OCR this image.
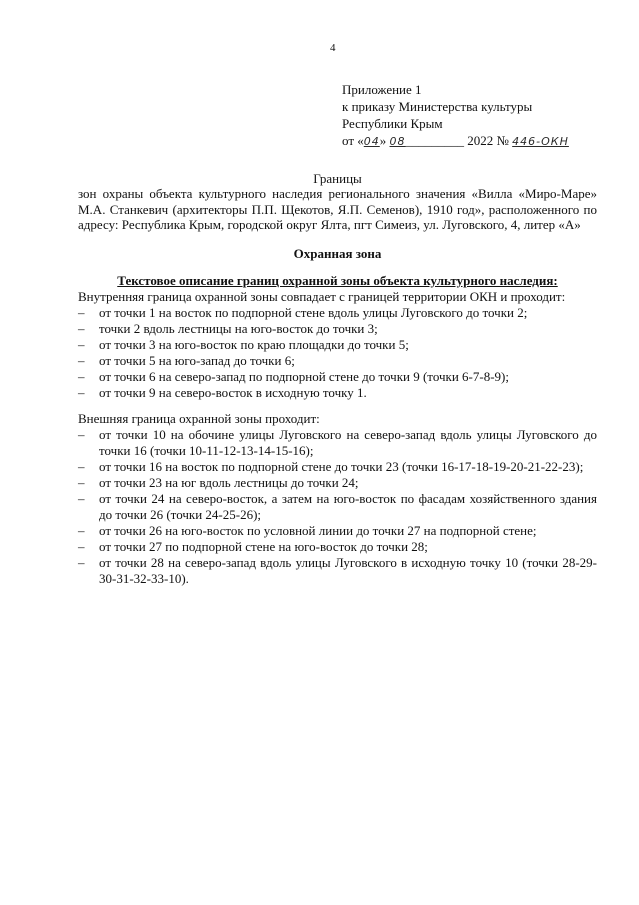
4
Приложение 1
к приказу Министерства культуры
Республики Крым
от «04» 08_________ 2022 № 446-ОКН
Границы
зон охраны объекта культурного наследия регионального значения «Вилла «Миро-Маре» М.А. Станкевич (архитекторы П.П. Щекотов, Я.П. Семенов), 1910 год», расположенного по адресу: Республика Крым, городской округ Ялта, пгт Симеиз, ул. Луговского, 4, литер «А»
Охранная зона
Текстовое описание границ охранной зоны объекта культурного наследия:

Внутренняя граница охранной зоны совпадает с границей территории ОКН и проходит:

– от точки 1 на восток по подпорной стене вдоль улицы Луговского до точки 2;
– точки 2 вдоль лестницы на юго-восток до точки 3;
– от точки 3 на юго-восток по краю площадки до точки 5;
– от точки 5 на юго-запад до точки 6;
– от точки 6 на северо-запад по подпорной стене до точки 9 (точки 6-7-8-9);
– от точки 9 на северо-восток в исходную точку 1.

Внешняя граница охранной зоны проходит:

– от точки 10 на обочине улицы Луговского на северо-запад вдоль улицы Луговского до точки 16 (точки 10-11-12-13-14-15-16);
– от точки 16 на восток по подпорной стене до точки 23 (точки 16-17-18-19-20-21-22-23);
– от точки 23 на юг вдоль лестницы до точки 24;
– от точки 24 на северо-восток, а затем на юго-восток по фасадам хозяйственного здания до точки 26 (точки 24-25-26);
– от точки 26 на юго-восток по условной линии до точки 27 на подпорной стене;
– от точки 27 по подпорной стене на юго-восток до точки 28;
– от точки 28 на северо-запад вдоль улицы Луговского в исходную точку 10 (точки 28-29-30-31-32-33-10).
